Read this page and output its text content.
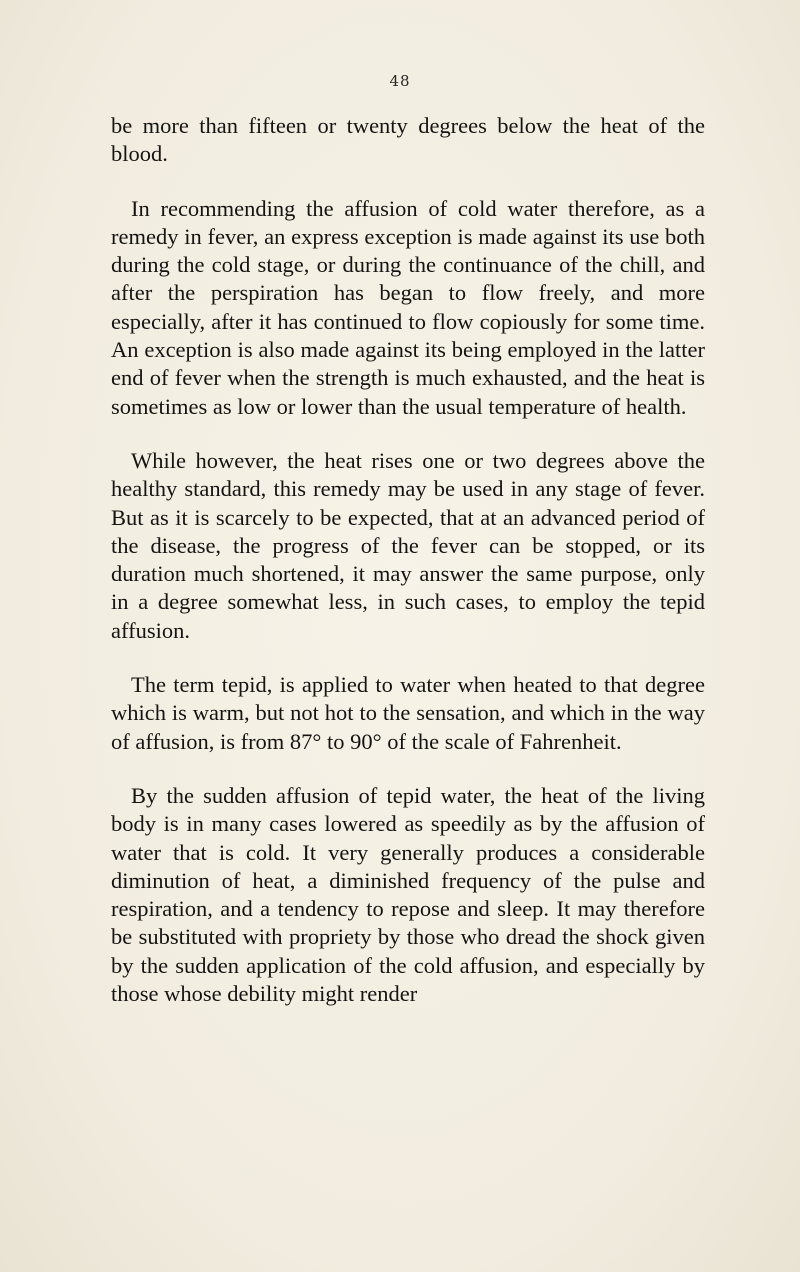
48

be more than fifteen or twenty degrees below the heat of the blood.

In recommending the affusion of cold water therefore, as a remedy in fever, an express exception is made against its use both during the cold stage, or during the continuance of the chill, and after the perspiration has began to flow freely, and more especially, after it has continued to flow copiously for some time. An exception is also made against its being employed in the latter end of fever when the strength is much exhausted, and the heat is sometimes as low or lower than the usual temperature of health.

While however, the heat rises one or two degrees above the healthy standard, this remedy may be used in any stage of fever. But as it is scarcely to be expected, that at an advanced period of the disease, the progress of the fever can be stopped, or its duration much shortened, it may answer the same purpose, only in a degree somewhat less, in such cases, to employ the tepid affusion.

The term tepid, is applied to water when heated to that degree which is warm, but not hot to the sensation, and which in the way of affusion, is from 87° to 90° of the scale of Fahrenheit.

By the sudden affusion of tepid water, the heat of the living body is in many cases lowered as speedily as by the affusion of water that is cold. It very generally produces a considerable diminution of heat, a diminished frequency of the pulse and respiration, and a tendency to repose and sleep. It may therefore be substituted with propriety by those who dread the shock given by the sudden application of the cold affusion, and especially by those whose debility might render
